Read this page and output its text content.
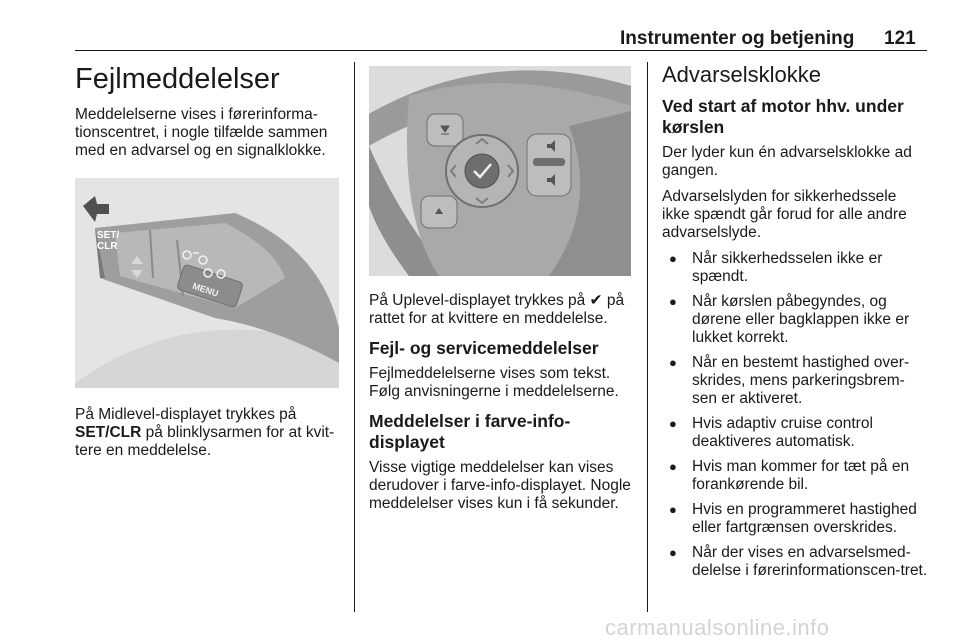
Instrumenter og betjening 121
Fejlmeddelelser

Meddelelserne vises i førerinforma-tionscentret, i nogle tilfælde sammen med en advarsel og en signalklokke.

SET/
CLR
MENU

På Midlevel-displayet trykkes på SET/CLR på blinklysarmen for at kvit-tere en meddelelse.

På Uplevel-displayet trykkes på ✔ på rattet for at kvittere en meddelelse.

Fejl- og servicemeddelelser

Fejlmeddelelserne vises som tekst. Følg anvisningerne i meddelelserne.

Meddelelser i farve-info-displayet

Visse vigtige meddelelser kan vises derudover i farve-info-displayet. Nogle meddelelser vises kun i få sekunder.

Advarselsklokke
Ved start af motor hhv. under kørslen

Der lyder kun én advarselsklokke ad gangen.

Advarselslyden for sikkerhedssele ikke spændt går forud for alle andre advarselslyde.

● Når sikkerhedsselen ikke er spændt.
● Når kørslen påbegyndes, og dørene eller bagklappen ikke er lukket korrekt.
● Når en bestemt hastighed over-skrides, mens parkeringsbrem-sen er aktiveret.
● Hvis adaptiv cruise control deaktiveres automatisk.
● Hvis man kommer for tæt på en forankørende bil.
● Hvis en programmeret hastighed eller fartgrænsen overskrides.
● Når der vises en advarselsmed-delelse i førerinformationscen-tret.
carmanualsonline.info
